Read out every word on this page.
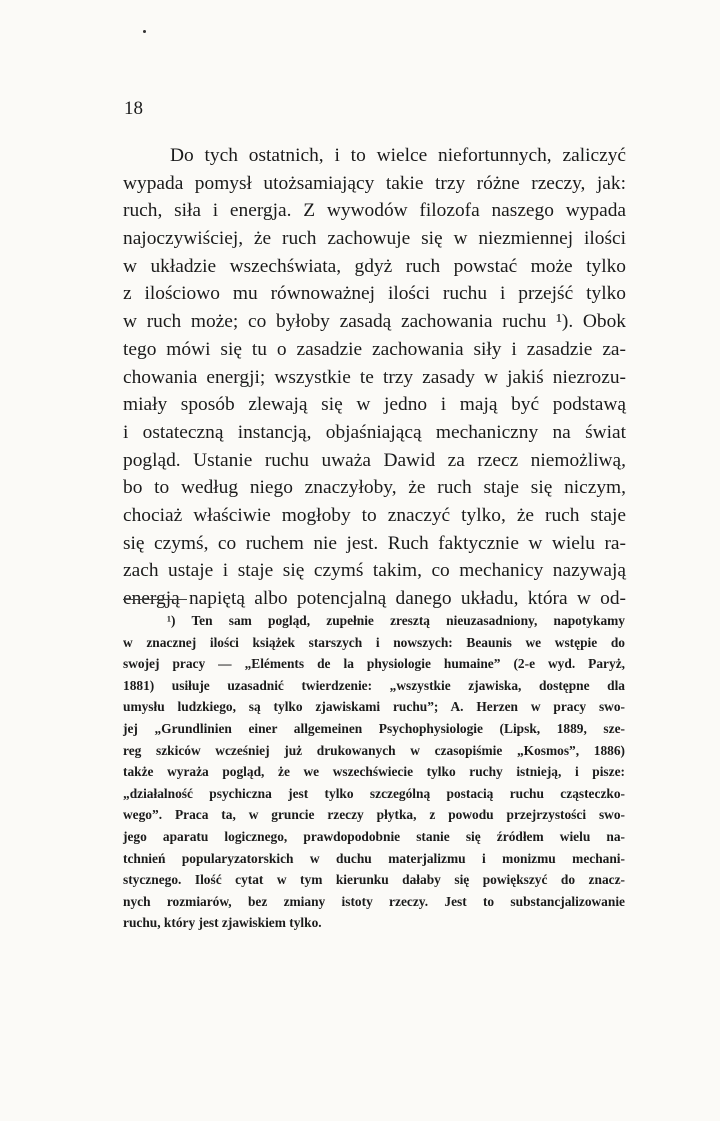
18
Do tych ostatnich, i to wielce niefortunnych, zaliczyć
wypada pomysł utożsamiający takie trzy różne rzeczy, jak:
ruch, siła i energja. Z wywodów filozofa naszego wypada
najoczywiściej, że ruch zachowuje się w niezmiennej ilości
w układzie wszechświata, gdyż ruch powstać może tylko
z ilościowo mu równoważnej ilości ruchu i przejść tylko
w ruch może; co byłoby zasadą zachowania ruchu ¹). Obok
tego mówi się tu o zasadzie zachowania siły i zasadzie za-
chowania energji; wszystkie te trzy zasady w jakiś niezrozu-
miały sposób zlewają się w jedno i mają być podstawą
i ostateczną instancją, objaśniającą mechaniczny na świat
pogląd. Ustanie ruchu uważa Dawid za rzecz niemożliwą,
bo to według niego znaczyłoby, że ruch staje się niczym,
chociaż właściwie mogłoby to znaczyć tylko, że ruch staje
się czymś, co ruchem nie jest. Ruch faktycznie w wielu ra-
zach ustaje i staje się czymś takim, co mechanicy nazywają
energją napiętą albo potencjalną danego układu, która w od-
¹) Ten sam pogląd, zupełnie zresztą nieuzasadniony, napotykamy
w znacznej ilości książek starszych i nowszych: Beaunis we wstępie do
swojej pracy — „Eléments de la physiologie humaine” (2-e wyd. Paryż,
1881) usiłuje uzasadnić twierdzenie: „wszystkie zjawiska, dostępne dla
umysłu ludzkiego, są tylko zjawiskami ruchu”; A. Herzen w pracy swo-
jej „Grundlinien einer allgemeinen Psychophysiologie (Lipsk, 1889, sze-
reg szkiców wcześniej już drukowanych w czasopiśmie „Kosmos”, 1886)
także wyraża pogląd, że we wszechświecie tylko ruchy istnieją, i pisze:
„działalność psychiczna jest tylko szczególną postacią ruchu cząsteczko-
wego”. Praca ta, w gruncie rzeczy płytka, z powodu przejrzystości swo-
jego aparatu logicznego, prawdopodobnie stanie się źródłem wielu na-
tchnień popularyzatorskich w duchu materjalizmu i monizmu mechani-
stycznego. Ilość cytat w tym kierunku dałaby się powiększyć do znacz-
nych rozmiarów, bez zmiany istoty rzeczy. Jest to substancjalizowanie
ruchu, który jest zjawiskiem tylko.
